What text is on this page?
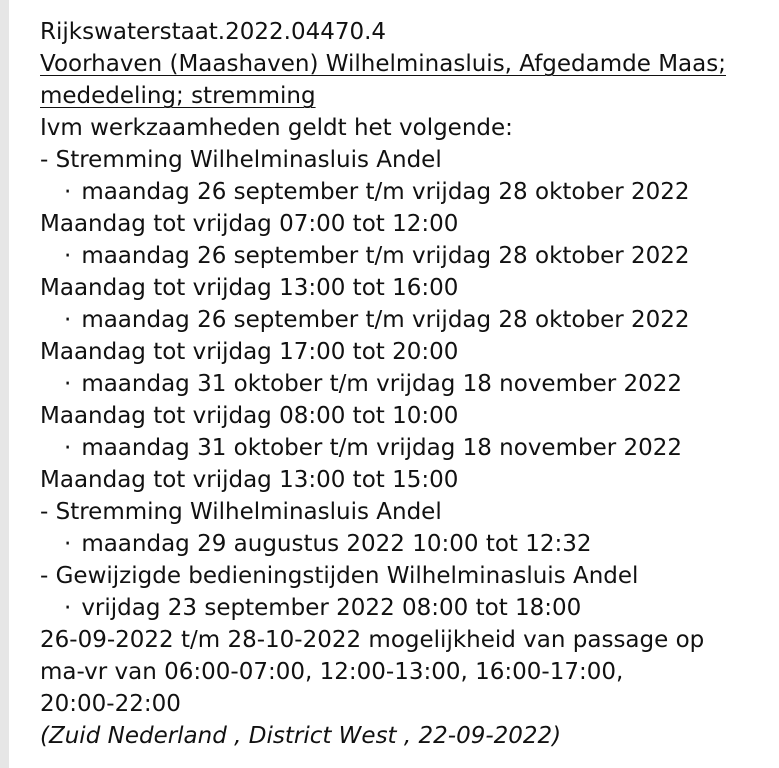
Rijkswaterstaat.2022.04470.4
Voorhaven (Maashaven) Wilhelminasluis, Afgedamde Maas;
mededeling; stremming
Ivm werkzaamheden geldt het volgende:
- Stremming Wilhelminasluis Andel
· maandag 26 september t/m vrijdag 28 oktober 2022
Maandag tot vrijdag 07:00 tot 12:00
· maandag 26 september t/m vrijdag 28 oktober 2022
Maandag tot vrijdag 13:00 tot 16:00
· maandag 26 september t/m vrijdag 28 oktober 2022
Maandag tot vrijdag 17:00 tot 20:00
· maandag 31 oktober t/m vrijdag 18 november 2022
Maandag tot vrijdag 08:00 tot 10:00
· maandag 31 oktober t/m vrijdag 18 november 2022
Maandag tot vrijdag 13:00 tot 15:00
- Stremming Wilhelminasluis Andel
· maandag 29 augustus 2022 10:00 tot 12:32
- Gewijzigde bedieningstijden Wilhelminasluis Andel
· vrijdag 23 september 2022 08:00 tot 18:00
26-09-2022 t/m 28-10-2022 mogelijkheid van passage op
ma-vr van 06:00-07:00, 12:00-13:00, 16:00-17:00,
20:00-22:00
(Zuid Nederland , District West , 22-09-2022)
